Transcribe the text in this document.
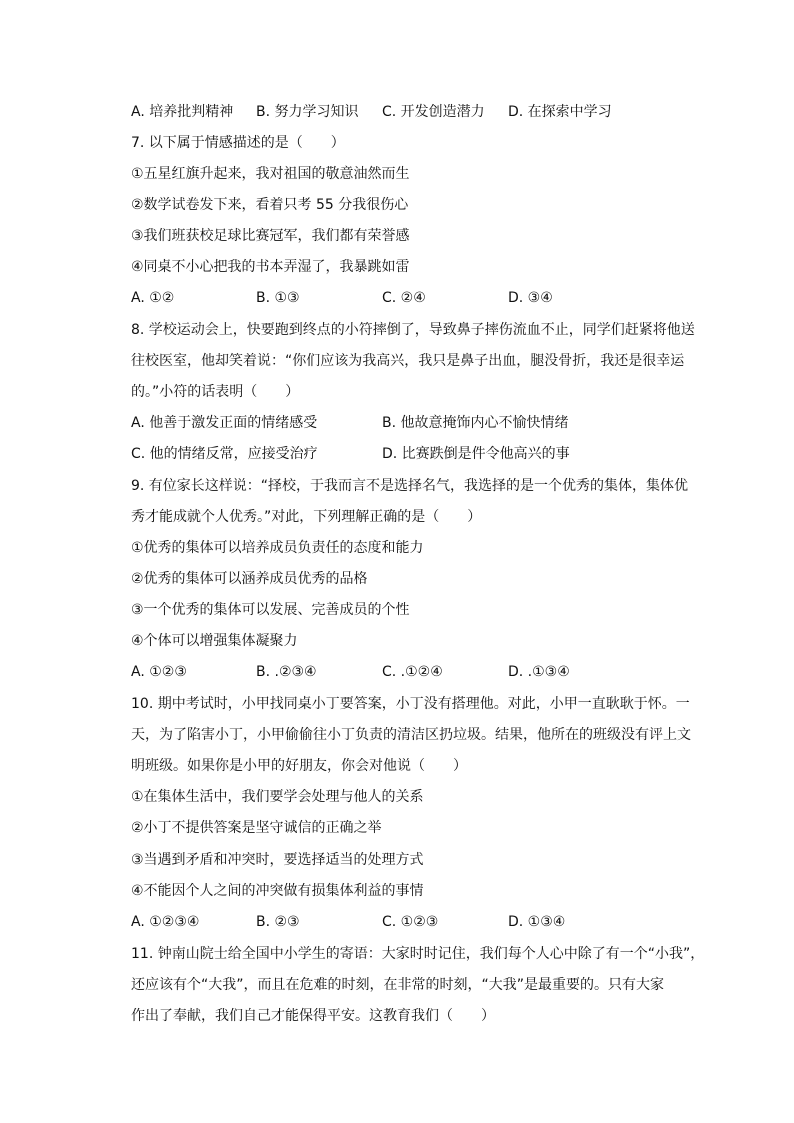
A. 培养批判精神 B. 努力学习知识 C. 开发创造潜力 D. 在探索中学习
7. 以下属于情感描述的是（　　）
①五星红旗升起来，我对祖国的敬意油然而生
②数学试卷发下来，看着只考 55 分我很伤心
③我们班获校足球比赛冠军，我们都有荣誉感
④同桌不小心把我的书本弄湿了，我暴跳如雷
A. ①②	B. ①③	C. ②④	D. ③④
8. 学校运动会上，快要跑到终点的小符摔倒了，导致鼻子摔伤流血不止，同学们赶紧将他送
往校医室，他却笑着说：“你们应该为我高兴，我只是鼻子出血，腿没骨折，我还是很幸运
的。”小符的话表明（　　）
A. 他善于激发正面的情绪感受	B. 他故意掩饰内心不愉快情绪
C. 他的情绪反常，应接受治疗	D. 比赛跌倒是件令他高兴的事
9. 有位家长这样说：“择校，于我而言不是选择名气，我选择的是一个优秀的集体，集体优
秀才能成就个人优秀。”对此，下列理解正确的是（　　）
①优秀的集体可以培养成员负责任的态度和能力
②优秀的集体可以涵养成员优秀的品格
③一个优秀的集体可以发展、完善成员的个性
④个体可以增强集体凝聚力
A. ①②③	B. .②③④	C. .①②④	D. .①③④
10. 期中考试时，小甲找同桌小丁要答案，小丁没有搭理他。对此，小甲一直耿耿于怀。一
天，为了陷害小丁，小甲偷偷往小丁负责的清洁区扔垃圾。结果，他所在的班级没有评上文
明班级。如果你是小甲的好朋友，你会对他说（　　）
①在集体生活中，我们要学会处理与他人的关系
②小丁不提供答案是坚守诚信的正确之举
③当遇到矛盾和冲突时，要选择适当的处理方式
④不能因个人之间的冲突做有损集体利益的事情
A. ①②③④	B. ②③	C. ①②③	D. ①③④
11. 钟南山院士给全国中小学生的寄语：大家时时记住，我们每个人心中除了有一个“小我”，
还应该有个“大我”，而且在危难的时刻，在非常的时刻，“大我”是最重要的。只有大家
作出了奉献，我们自己才能保得平安。这教育我们（　　）
